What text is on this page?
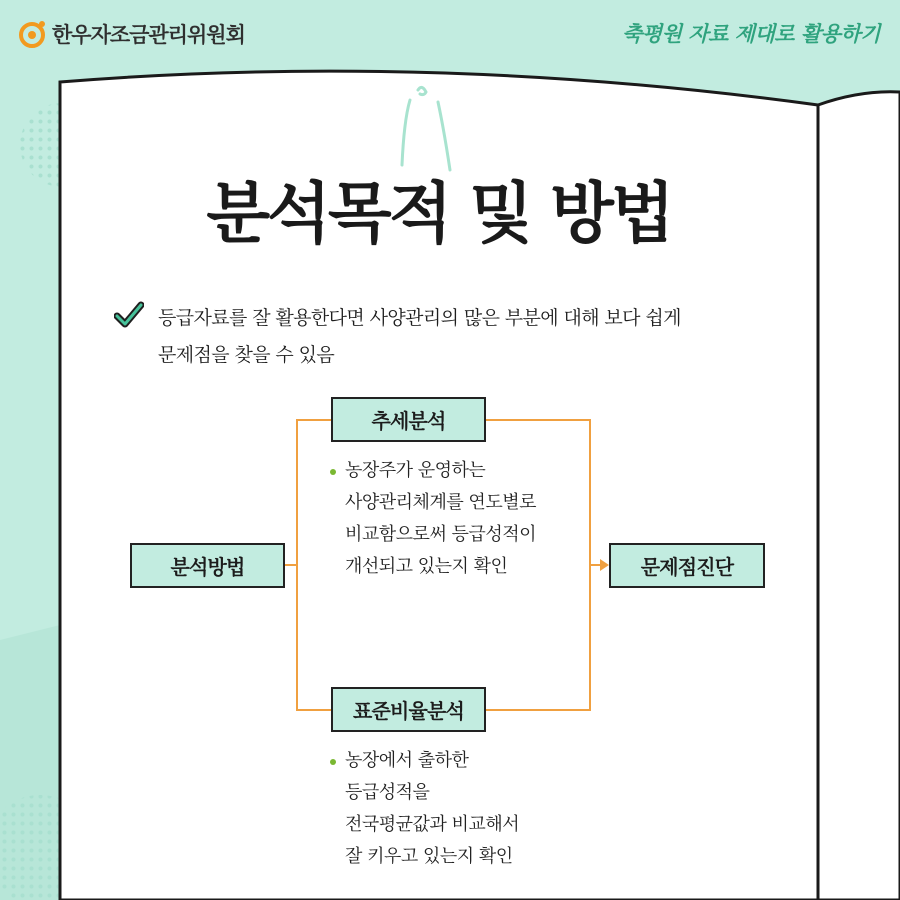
한우자조금관리위원회	축평원 자료 제대로 활용하기
분석목적 및 방법
등급자료를 잘 활용한다면 사양관리의 많은 부분에 대해 보다 쉽게
문제점을 찾을 수 있음
분석방법
추세분석
표준비율분석
문제점진단
농장주가 운영하는
사양관리체계를 연도별로
비교함으로써 등급성적이
개선되고 있는지 확인
농장에서 출하한
등급성적을
전국평균값과 비교해서
잘 키우고 있는지 확인
